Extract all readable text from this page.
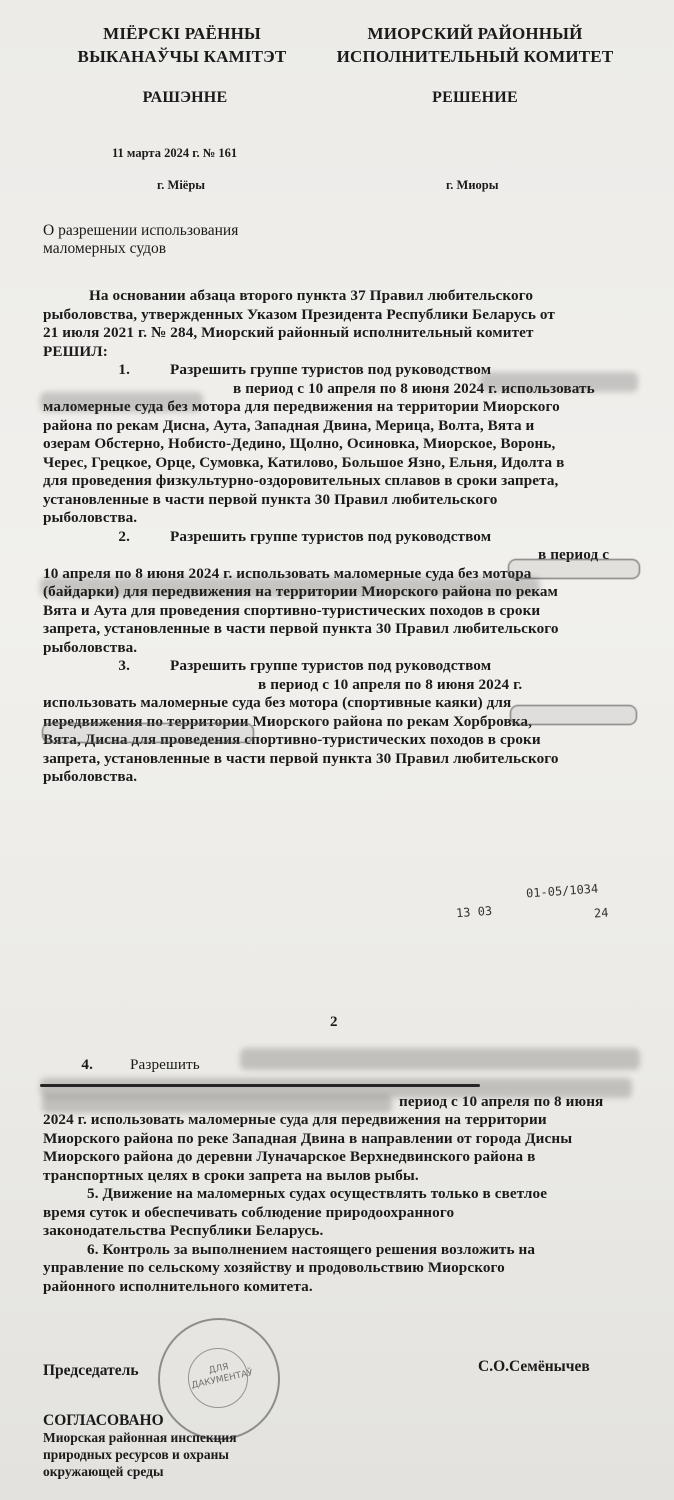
МІЁРСКІ РАЁННЫ
ВЫКАНАЎЧЫ КАМІТЭТ
МИОРСКИЙ РАЙОННЫЙ
ИСПОЛНИТЕЛЬНЫЙ КОМИТЕТ
РАШЭННЕ	РЕШЕНИЕ
11 марта 2024 г. № 161
г. Міёры	г. Миоры
О разрешении использования
маломерных судов

На основании абзаца второго пункта 37 Правил любительского

рыболовства, утвержденных Указом Президента Республики Беларусь от

21 июля 2021 г. № 284, Миорский районный исполнительный комитет

РЕШИЛ:

1.	Разрешить группе туристов под руководством

в период с 10 апреля по 8 июня 2024 г. использовать

маломерные суда без мотора для передвижения на территории Миорского

района по рекам Дисна, Аута, Западная Двина, Мерица, Волта, Вята и

озерам Обстерно, Нобисто-Дедино, Щолно, Осиновка, Миорское, Воронь,

Черес, Грецкое, Орце, Сумовка, Катилово, Большое Язно, Ельня, Идолта в

для проведения физкультурно-оздоровительных сплавов в сроки запрета,

установленные в части первой пункта 30 Правил любительского

рыболовства.

2.	Разрешить группе туристов под руководством

в период с

10 апреля по 8 июня 2024 г. использовать маломерные суда без мотора

(байдарки) для передвижения на территории Миорского района по рекам

Вята и Аута для проведения спортивно-туристических походов в сроки

запрета, установленные в части первой пункта 30 Правил любительского

рыболовства.

3.	Разрешить группе туристов под руководством

в период с 10 апреля по 8 июня 2024 г.

использовать маломерные суда без мотора (спортивные каяки) для

передвижения по территории Миорского района по рекам Хорбровка,

Вята, Дисна для проведения спортивно-туристических походов в сроки

запрета, установленные в части первой пункта 30 Правил любительского

рыболовства.

01-05/1034
13 03	24
2
4. Разрешить

период с 10 апреля по 8 июня

2024 г. использовать маломерные суда для передвижения на территории

Миорского района по реке Западная Двина в направлении от города Дисны

Миорского района до деревни Луначарское Верхнедвинского района в

транспортных целях в сроки запрета на вылов рыбы.

5. Движение на маломерных судах осуществлять только в светлое

время суток и обеспечивать соблюдение природоохранного

законодательства Республики Беларусь.

6. Контроль за выполнением настоящего решения возложить на

управление по сельскому хозяйству и продовольствию Миорского

районного исполнительного комитета.

Председатель	С.О.Семёнычев
ДЛЯ ДАКУМЕНТАЎ
СОГЛАСОВАНО
Миорская районная инспекция
природных ресурсов и охраны
окружающей среды
